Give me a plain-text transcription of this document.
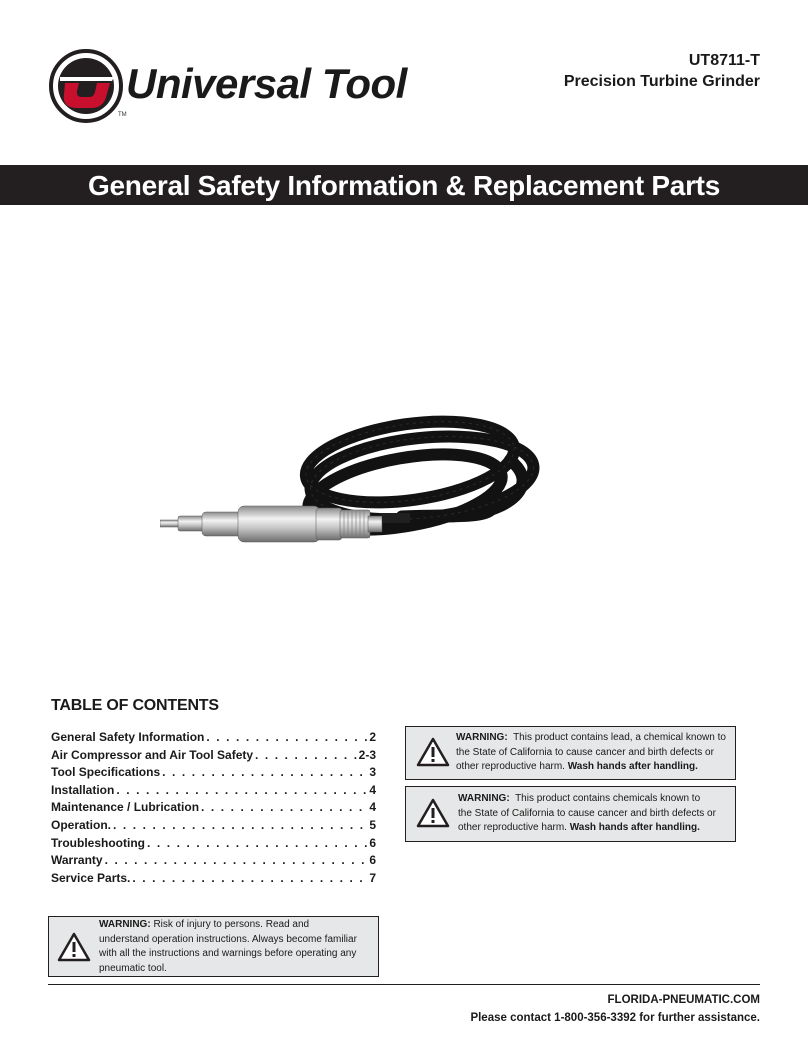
Universal Tool
TM
UT8711-T
Precision Turbine Grinder
General Safety Information & Replacement Parts
TABLE OF CONTENTS
General Safety Information . . .	2
Air Compressor and Air Tool Safety . . .	2-3
Tool Specifications . . .	3
Installation . . .	4
Maintenance / Lubrication . . .	4
Operation. . . .	5
Troubleshooting . . .	6
Warranty . . .	6
Service Parts. . . .	7
WARNING: This product contains lead, a chemical known to
the State of California to cause cancer and birth defects or
other reproductive harm. Wash hands after handling.
WARNING: This product contains chemicals known to
the State of California to cause cancer and birth defects or
other reproductive harm. Wash hands after handling.
WARNING: Risk of injury to persons. Read and
understand operation instructions. Always become familiar
with all the instructions and warnings before operating any
pneumatic tool.
FLORIDA-PNEUMATIC.COM
Please contact 1-800-356-3392 for further assistance.
